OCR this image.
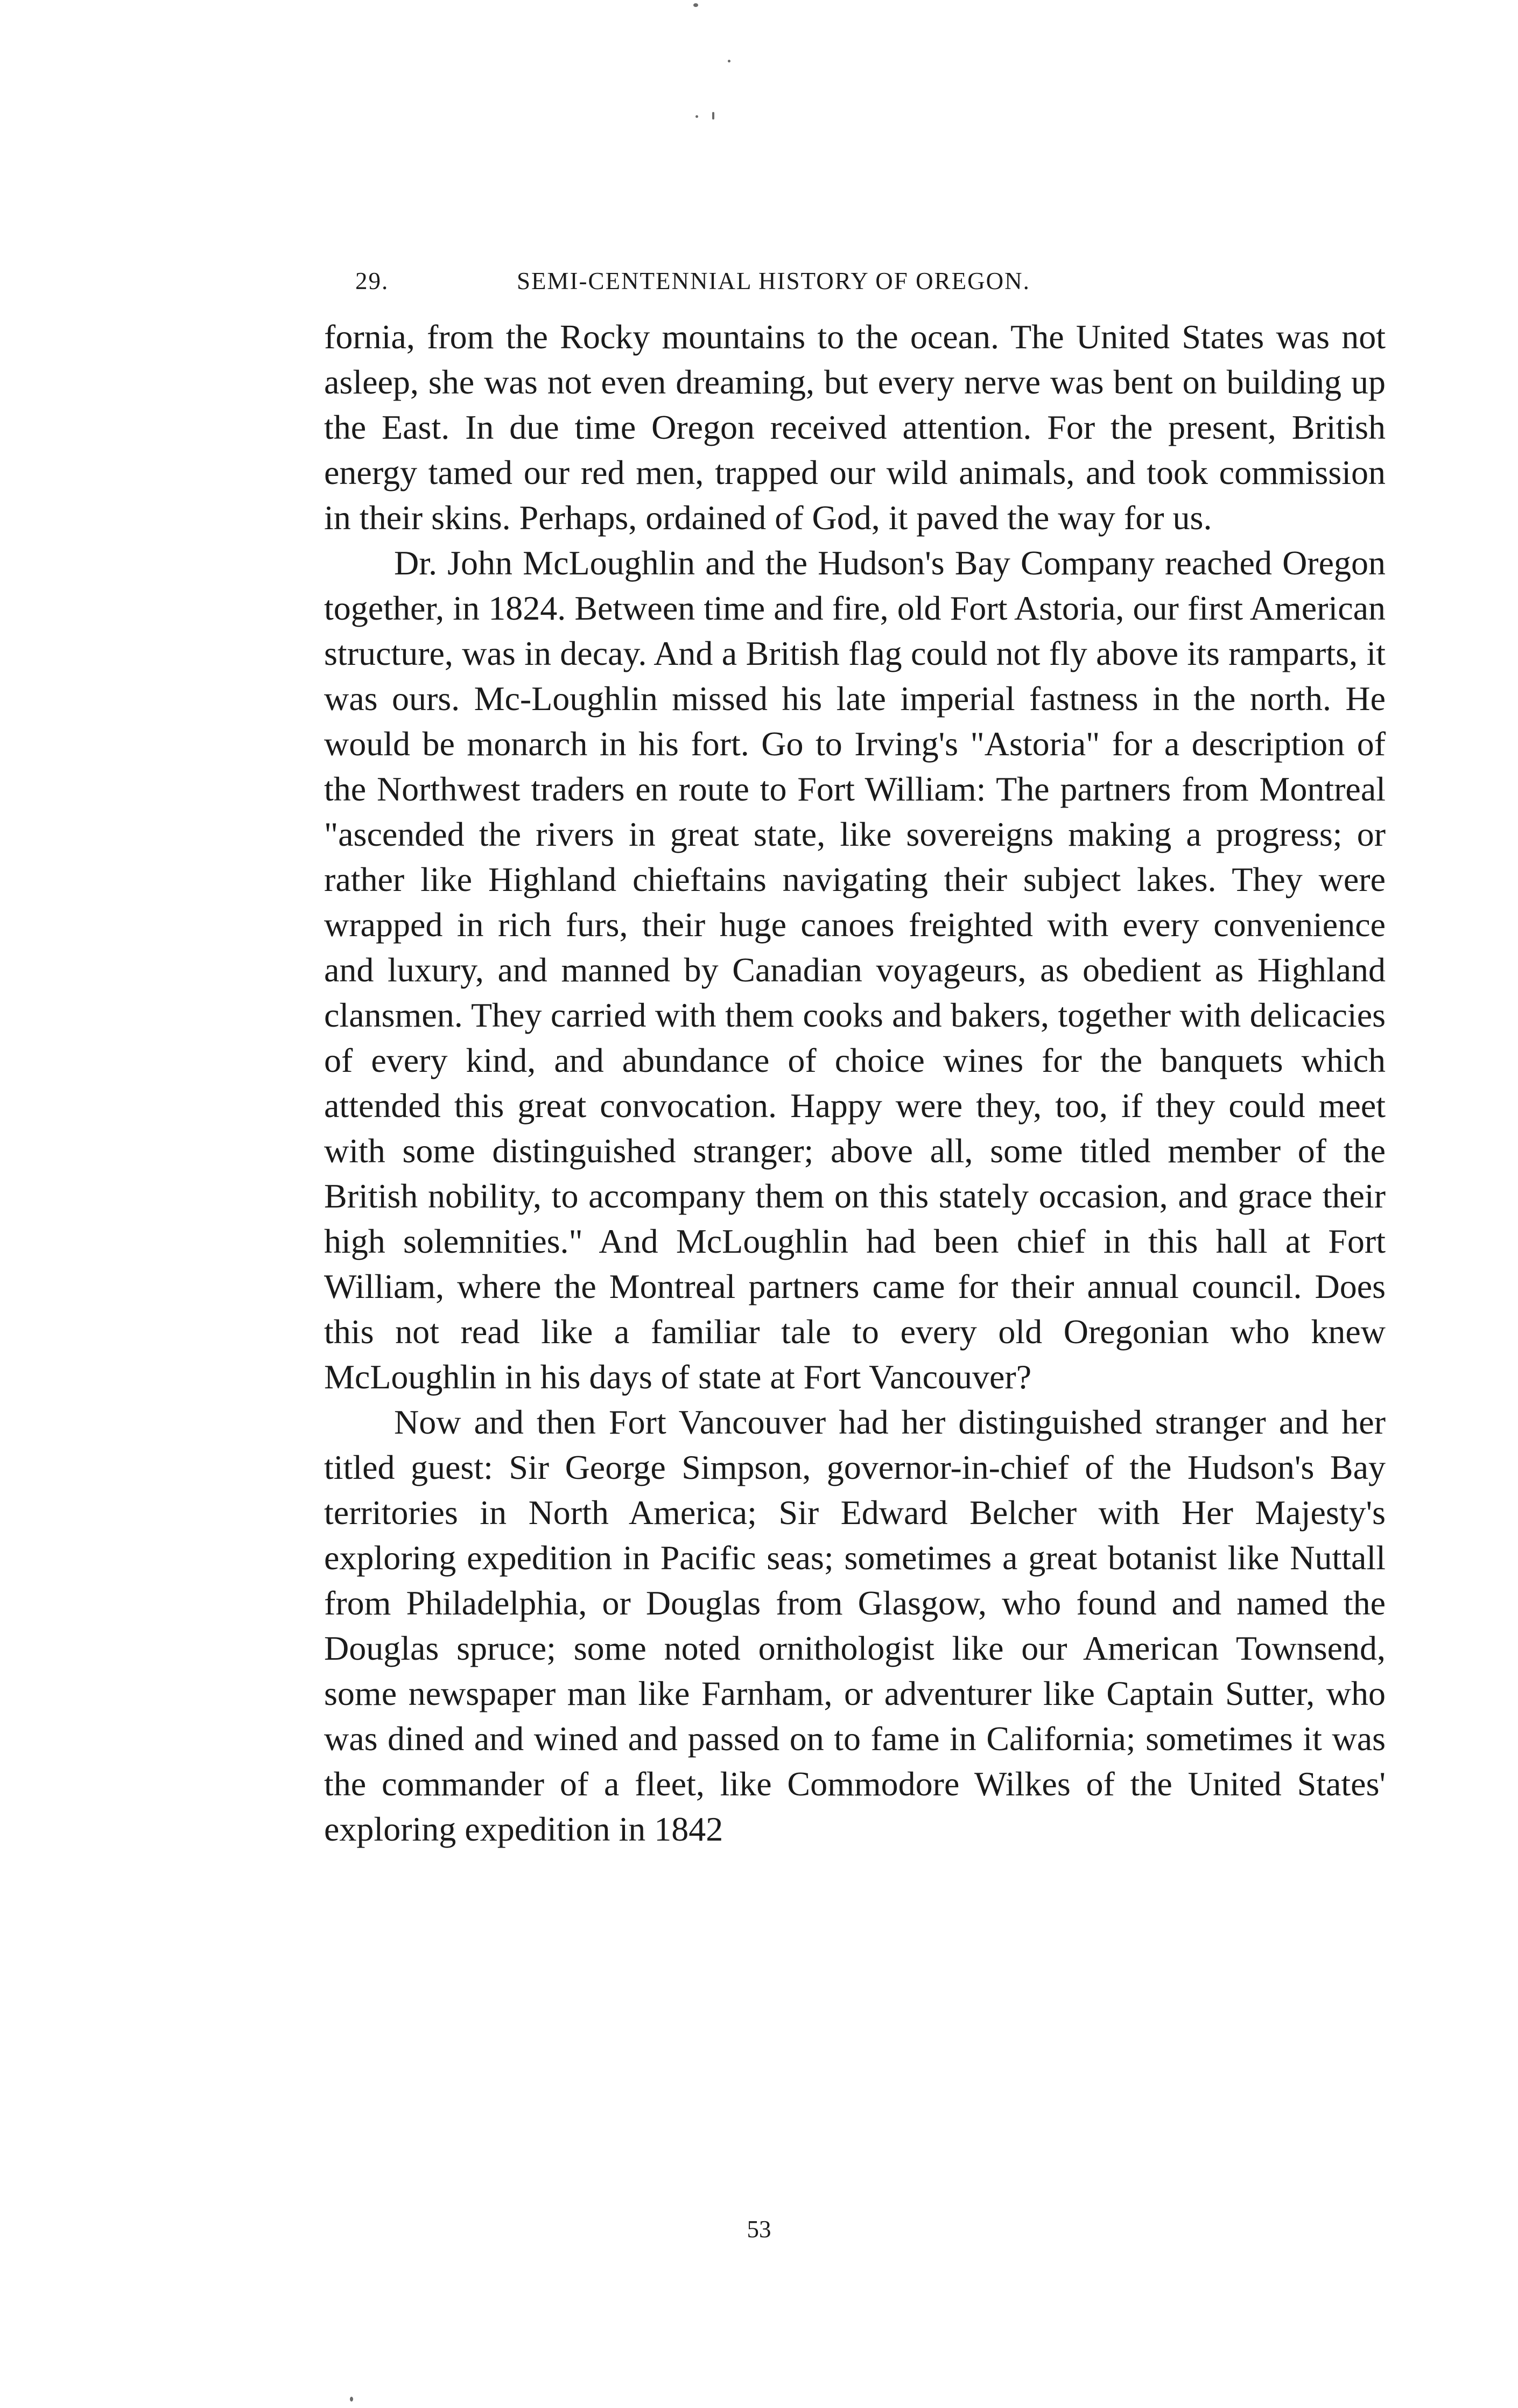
29.	SEMI-CENTENNIAL HISTORY OF OREGON.

fornia, from the Rocky mountains to the ocean. The United States was not asleep, she was not even dreaming, but every nerve was bent on building up the East. In due time Oregon received attention. For the present, British energy tamed our red men, trapped our wild animals, and took commission in their skins. Perhaps, ordained of God, it paved the way for us.

Dr. John McLoughlin and the Hudson's Bay Company reached Oregon together, in 1824. Between time and fire, old Fort Astoria, our first American structure, was in decay. And a British flag could not fly above its ramparts, it was ours. Mc-Loughlin missed his late imperial fastness in the north. He would be monarch in his fort. Go to Irving's "Astoria" for a description of the Northwest traders en route to Fort William: The partners from Montreal "ascended the rivers in great state, like sovereigns making a progress; or rather like Highland chieftains navigating their subject lakes. They were wrapped in rich furs, their huge canoes freighted with every convenience and luxury, and manned by Canadian voyageurs, as obedient as Highland clansmen. They carried with them cooks and bakers, together with delicacies of every kind, and abundance of choice wines for the banquets which attended this great convocation. Happy were they, too, if they could meet with some distinguished stranger; above all, some titled member of the British nobility, to accompany them on this stately occasion, and grace their high solemnities." And McLoughlin had been chief in this hall at Fort William, where the Montreal partners came for their annual council. Does this not read like a familiar tale to every old Oregonian who knew McLoughlin in his days of state at Fort Vancouver?

Now and then Fort Vancouver had her distinguished stranger and her titled guest: Sir George Simpson, governor-in-chief of the Hudson's Bay territories in North America; Sir Edward Belcher with Her Majesty's exploring expedition in Pacific seas; sometimes a great botanist like Nuttall from Philadelphia, or Douglas from Glasgow, who found and named the Douglas spruce; some noted ornithologist like our American Townsend, some newspaper man like Farnham, or adventurer like Captain Sutter, who was dined and wined and passed on to fame in California; sometimes it was the commander of a fleet, like Commodore Wilkes of the United States' exploring expedition in 1842

53
